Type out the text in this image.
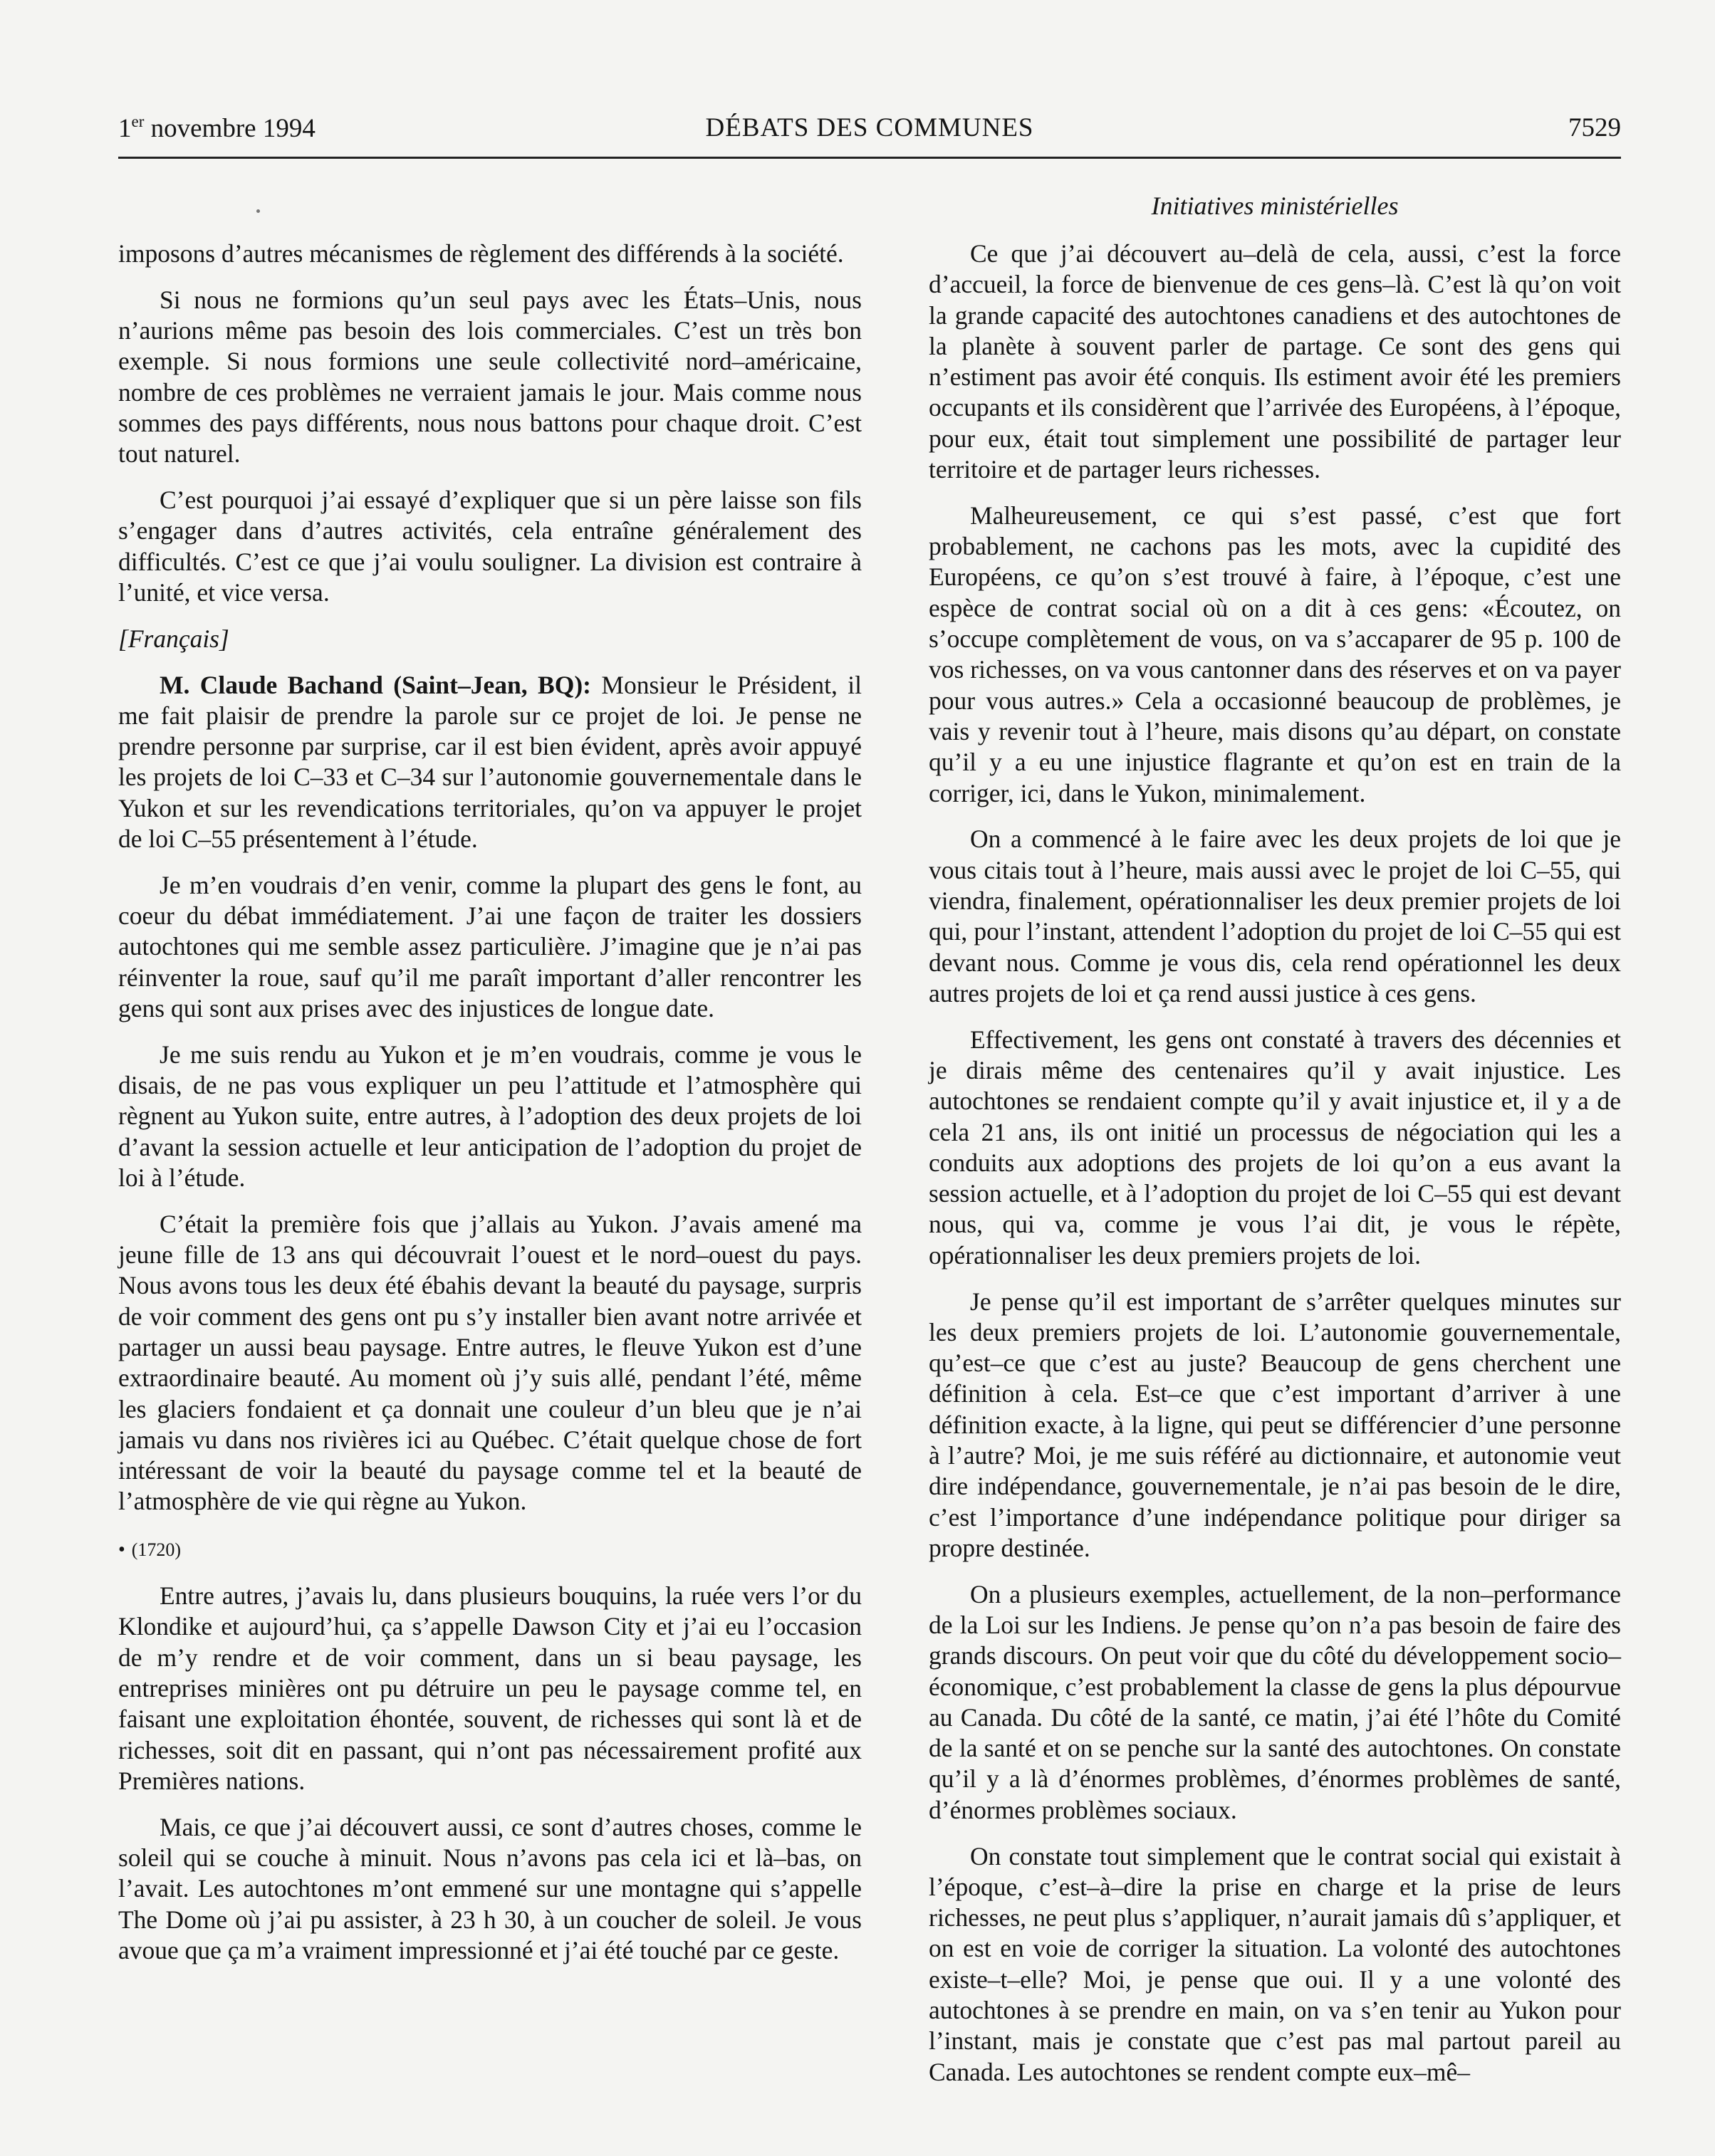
1er novembre 1994	DÉBATS DES COMMUNES	7529
Initiatives ministérielles

imposons d’autres mécanismes de règlement des différends à la société.

Si nous ne formions qu’un seul pays avec les États–Unis, nous n’aurions même pas besoin des lois commerciales. C’est un très bon exemple. Si nous formions une seule collectivité nord–américaine, nombre de ces problèmes ne verraient jamais le jour. Mais comme nous sommes des pays différents, nous nous battons pour chaque droit. C’est tout naturel.

C’est pourquoi j’ai essayé d’expliquer que si un père laisse son fils s’engager dans d’autres activités, cela entraîne généralement des difficultés. C’est ce que j’ai voulu souligner. La division est contraire à l’unité, et vice versa.

[Français]

M. Claude Bachand (Saint–Jean, BQ): Monsieur le Président, il me fait plaisir de prendre la parole sur ce projet de loi. Je pense ne prendre personne par surprise, car il est bien évident, après avoir appuyé les projets de loi C–33 et C–34 sur l’autonomie gouvernementale dans le Yukon et sur les revendications territoriales, qu’on va appuyer le projet de loi C–55 présentement à l’étude.

Je m’en voudrais d’en venir, comme la plupart des gens le font, au coeur du débat immédiatement. J’ai une façon de traiter les dossiers autochtones qui me semble assez particulière. J’imagine que je n’ai pas réinventer la roue, sauf qu’il me paraît important d’aller rencontrer les gens qui sont aux prises avec des injustices de longue date.

Je me suis rendu au Yukon et je m’en voudrais, comme je vous le disais, de ne pas vous expliquer un peu l’attitude et l’atmosphère qui règnent au Yukon suite, entre autres, à l’adoption des deux projets de loi d’avant la session actuelle et leur anticipation de l’adoption du projet de loi à l’étude.

C’était la première fois que j’allais au Yukon. J’avais amené ma jeune fille de 13 ans qui découvrait l’ouest et le nord–ouest du pays. Nous avons tous les deux été ébahis devant la beauté du paysage, surpris de voir comment des gens ont pu s’y installer bien avant notre arrivée et partager un aussi beau paysage. Entre autres, le fleuve Yukon est d’une extraordinaire beauté. Au moment où j’y suis allé, pendant l’été, même les glaciers fondaient et ça donnait une couleur d’un bleu que je n’ai jamais vu dans nos rivières ici au Québec. C’était quelque chose de fort intéressant de voir la beauté du paysage comme tel et la beauté de l’atmosphère de vie qui règne au Yukon.

• (1720)

Entre autres, j’avais lu, dans plusieurs bouquins, la ruée vers l’or du Klondike et aujourd’hui, ça s’appelle Dawson City et j’ai eu l’occasion de m’y rendre et de voir comment, dans un si beau paysage, les entreprises minières ont pu détruire un peu le paysage comme tel, en faisant une exploitation éhontée, souvent, de richesses qui sont là et de richesses, soit dit en passant, qui n’ont pas nécessairement profité aux Premières nations.

Mais, ce que j’ai découvert aussi, ce sont d’autres choses, comme le soleil qui se couche à minuit. Nous n’avons pas cela ici et là–bas, on l’avait. Les autochtones m’ont emmené sur une montagne qui s’appelle The Dome où j’ai pu assister, à 23 h 30, à un coucher de soleil. Je vous avoue que ça m’a vraiment impressionné et j’ai été touché par ce geste.

Ce que j’ai découvert au–delà de cela, aussi, c’est la force d’accueil, la force de bienvenue de ces gens–là. C’est là qu’on voit la grande capacité des autochtones canadiens et des autochtones de la planète à souvent parler de partage. Ce sont des gens qui n’estiment pas avoir été conquis. Ils estiment avoir été les premiers occupants et ils considèrent que l’arrivée des Européens, à l’époque, pour eux, était tout simplement une possibilité de partager leur territoire et de partager leurs richesses.

Malheureusement, ce qui s’est passé, c’est que fort probablement, ne cachons pas les mots, avec la cupidité des Européens, ce qu’on s’est trouvé à faire, à l’époque, c’est une espèce de contrat social où on a dit à ces gens: «Écoutez, on s’occupe complètement de vous, on va s’accaparer de 95 p. 100 de vos richesses, on va vous cantonner dans des réserves et on va payer pour vous autres.» Cela a occasionné beaucoup de problèmes, je vais y revenir tout à l’heure, mais disons qu’au départ, on constate qu’il y a eu une injustice flagrante et qu’on est en train de la corriger, ici, dans le Yukon, minimalement.

On a commencé à le faire avec les deux projets de loi que je vous citais tout à l’heure, mais aussi avec le projet de loi C–55, qui viendra, finalement, opérationnaliser les deux premier projets de loi qui, pour l’instant, attendent l’adoption du projet de loi C–55 qui est devant nous. Comme je vous dis, cela rend opérationnel les deux autres projets de loi et ça rend aussi justice à ces gens.

Effectivement, les gens ont constaté à travers des décennies et je dirais même des centenaires qu’il y avait injustice. Les autochtones se rendaient compte qu’il y avait injustice et, il y a de cela 21 ans, ils ont initié un processus de négociation qui les a conduits aux adoptions des projets de loi qu’on a eus avant la session actuelle, et à l’adoption du projet de loi C–55 qui est devant nous, qui va, comme je vous l’ai dit, je vous le répète, opérationnaliser les deux premiers projets de loi.

Je pense qu’il est important de s’arrêter quelques minutes sur les deux premiers projets de loi. L’autonomie gouvernementale, qu’est–ce que c’est au juste? Beaucoup de gens cherchent une définition à cela. Est–ce que c’est important d’arriver à une définition exacte, à la ligne, qui peut se différencier d’une personne à l’autre? Moi, je me suis référé au dictionnaire, et autonomie veut dire indépendance, gouvernementale, je n’ai pas besoin de le dire, c’est l’importance d’une indépendance politique pour diriger sa propre destinée.

On a plusieurs exemples, actuellement, de la non–performance de la Loi sur les Indiens. Je pense qu’on n’a pas besoin de faire des grands discours. On peut voir que du côté du développement socio–économique, c’est probablement la classe de gens la plus dépourvue au Canada. Du côté de la santé, ce matin, j’ai été l’hôte du Comité de la santé et on se penche sur la santé des autochtones. On constate qu’il y a là d’énormes problèmes, d’énormes problèmes de santé, d’énormes problèmes sociaux.

On constate tout simplement que le contrat social qui existait à l’époque, c’est–à–dire la prise en charge et la prise de leurs richesses, ne peut plus s’appliquer, n’aurait jamais dû s’appliquer, et on est en voie de corriger la situation. La volonté des autochtones existe–t–elle? Moi, je pense que oui. Il y a une volonté des autochtones à se prendre en main, on va s’en tenir au Yukon pour l’instant, mais je constate que c’est pas mal partout pareil au Canada. Les autochtones se rendent compte eux–mê–
